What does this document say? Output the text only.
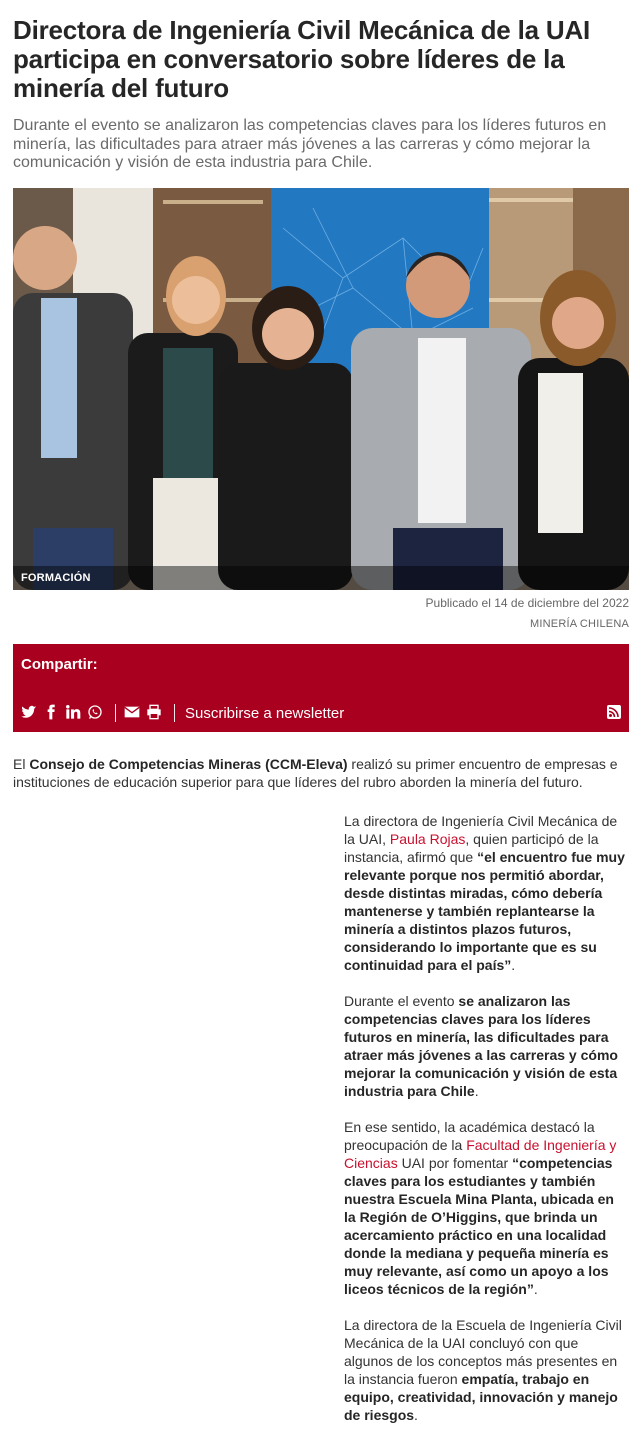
Directora de Ingeniería Civil Mecánica de la UAI participa en conversatorio sobre líderes de la minería del futuro

Durante el evento se analizaron las competencias claves para los líderes futuros en minería, las dificultades para atraer más jóvenes a las carreras y cómo mejorar la comunicación y visión de esta industria para Chile.

FORMACIÓN
Publicado el 14 de diciembre del 2022
MINERÍA CHILENA
Compartir:
Suscribirse a newsletter

El Consejo de Competencias Mineras (CCM-Eleva) realizó su primer encuentro de empresas e instituciones de educación superior para que líderes del rubro aborden la minería del futuro.

La directora de Ingeniería Civil Mecánica de la UAI, Paula Rojas, quien participó de la instancia, afirmó que “el encuentro fue muy relevante porque nos permitió abordar, desde distintas miradas, cómo debería mantenerse y también replantearse la minería a distintos plazos futuros, considerando lo importante que es su continuidad para el país”.

Durante el evento se analizaron las competencias claves para los líderes futuros en minería, las dificultades para atraer más jóvenes a las carreras y cómo mejorar la comunicación y visión de esta industria para Chile.

En ese sentido, la académica destacó la preocupación de la Facultad de Ingeniería y Ciencias UAI por fomentar “competencias claves para los estudiantes y también nuestra Escuela Mina Planta, ubicada en la Región de O’Higgins, que brinda un acercamiento práctico en una localidad donde la mediana y pequeña minería es muy relevante, así como un apoyo a los liceos técnicos de la región”.

La directora de la Escuela de Ingeniería Civil Mecánica de la UAI concluyó con que algunos de los conceptos más presentes en la instancia fueron empatía, trabajo en equipo, creatividad, innovación y manejo de riesgos.
